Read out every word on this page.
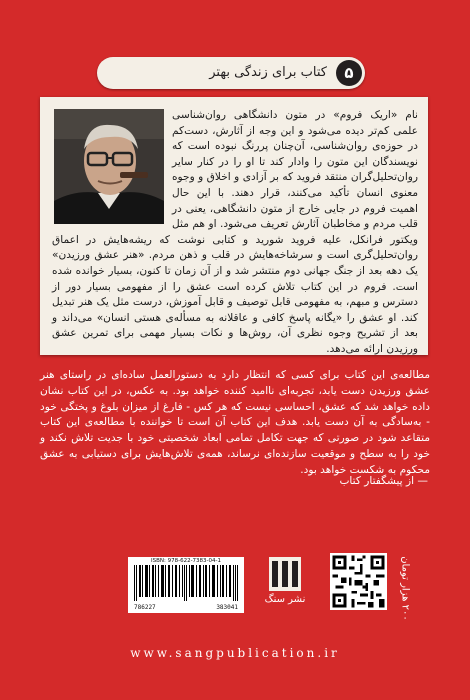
۵
کتاب برای زندگی بهتر

نام «اریک فروم» در متون دانشگاهی روان‌شناسی علمی کم‌تر دیده می‌شود و این وجه از آثارش، دست‌کم در حوزه‌ی روان‌شناسی، آن‌چنان پررنگ نبوده است که نویسندگان این متون را وادار کند تا او را در کنار سایر روان‌تحلیل‌گران منتقد فروید که بر آزادی و اخلاق و وجوه معنوی انسان تأکید می‌کنند، قرار دهند. با این حال اهمیت فروم در جایی خارج از متون دانشگاهی، یعنی در قلب مردم و مخاطبان آثارش تعریف می‌شود. او هم مثل ویکتور فرانکل، علیه فروید شورید و کتابی نوشت که ریشه‌هایش در اعماق روان‌تحلیل‌گری است و سرشاخه‌هایش در قلب و ذهن مردم. «هنر عشق ورزیدن» یک دهه بعد از جنگ جهانی دوم منتشر شد و از آن زمان تا کنون، بسیار خوانده شده است. فروم در این کتاب تلاش کرده است عشق را از مفهومی بسیار دور از دسترس و مبهم، به مفهومی قابل توصیف و قابل آموزش، درست مثل یک هنر تبدیل کند. او عشق را «یگانه پاسخ کافی و عاقلانه به مسأله‌ی هستی انسان» می‌داند و بعد از تشریح وجوه نظری آن، روش‌ها و نکات بسیار مهمی برای تمرین عشق ورزیدن ارائه می‌دهد.

مطالعه‌ی این کتاب برای کسی که انتظار دارد به دستورالعمل ساده‌ای در راستای هنر عشق ورزیدن دست یابد، تجربه‌ای ناامید کننده خواهد بود. به عکس، در این کتاب نشان داده خواهد شد که عشق، احساسی نیست که هر کس - فارغ از میزان بلوغ و پختگی خود - به‌سادگی به آن دست یابد. هدف این کتاب آن است تا خواننده با مطالعه‌ی این کتاب متقاعد شود در صورتی که جهت تکامل تمامی ابعاد شخصیتی خود با جدیت تلاش نکند و خود را به سطح و موقعیت سازنده‌ای نرساند، همه‌ی تلاش‌هایش برای دستیابی به عشق محکوم به شکست خواهد بود.

— از پیشگفتار کتاب
ISBN: 978-622-7383-04-1
786227	383041
نشر سنگ	۲۰۰ هزار تومان
www.sangpublication.ir
